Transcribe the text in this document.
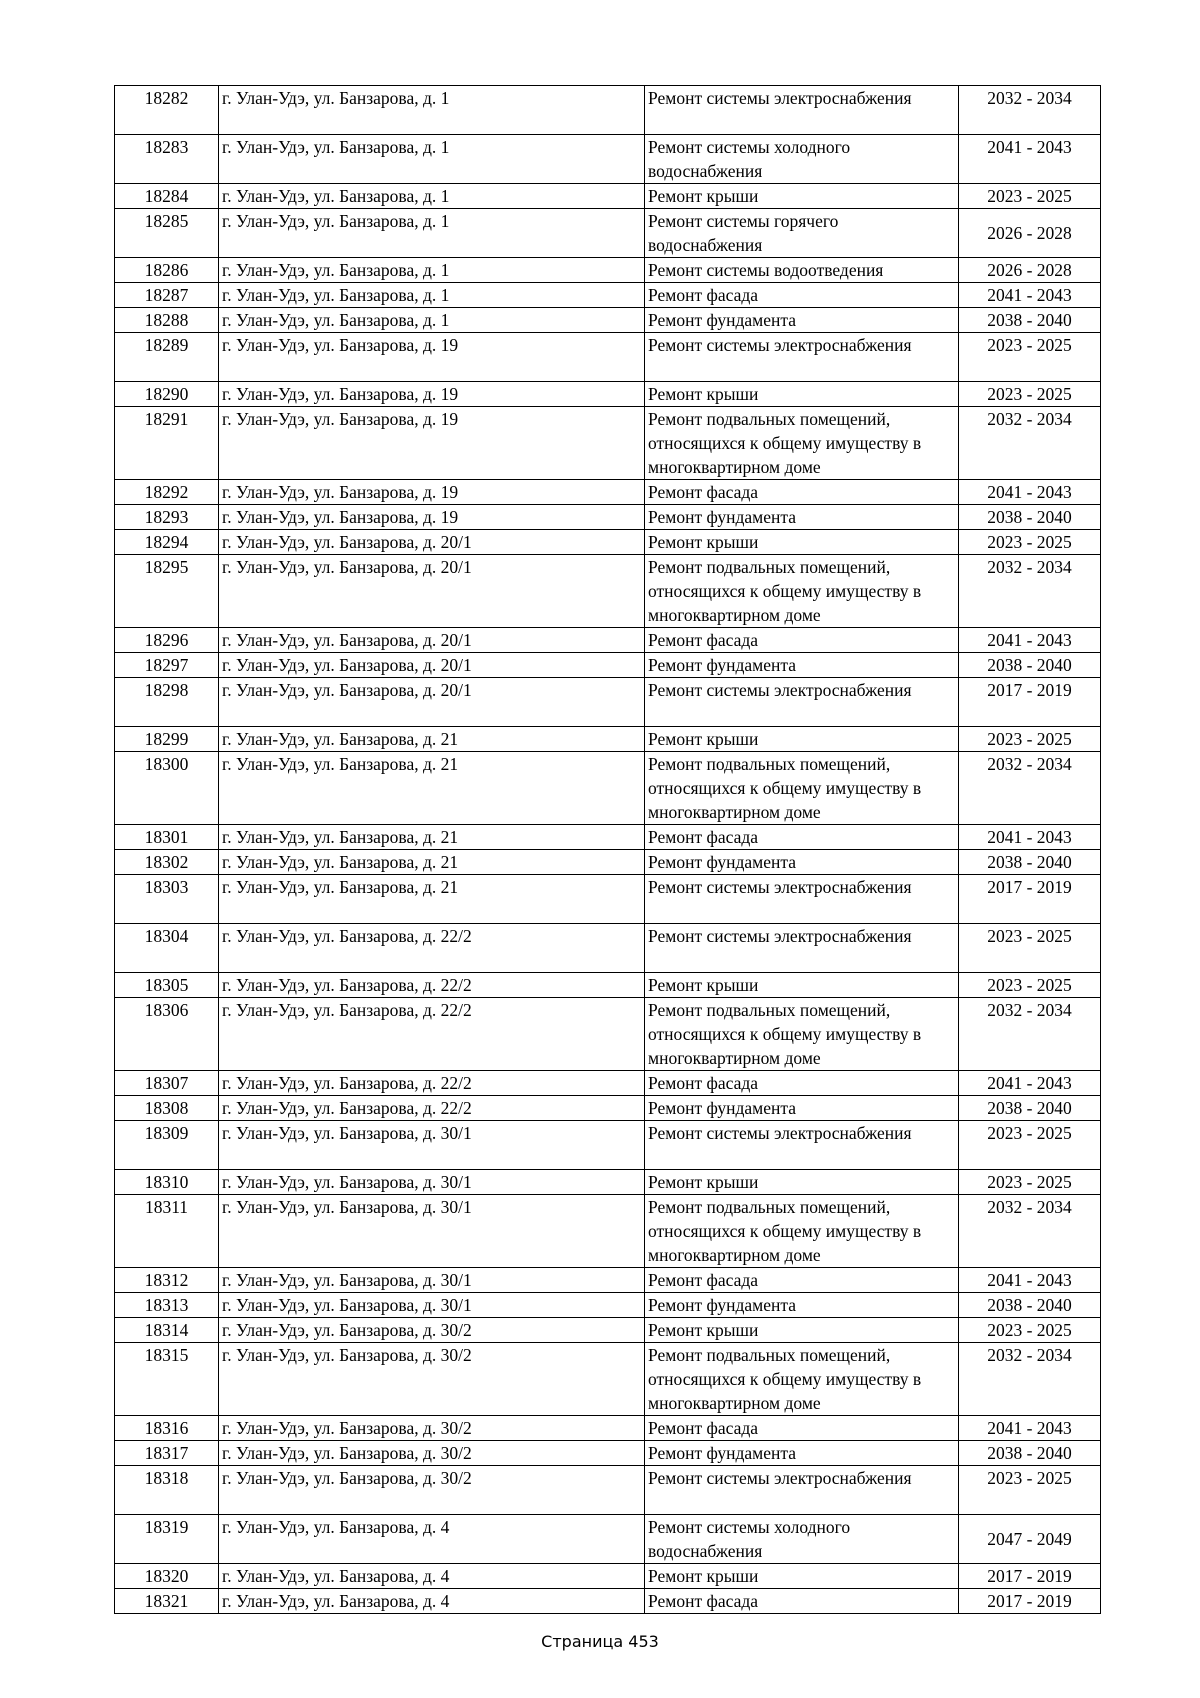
18282	г. Улан-Удэ, ул. Банзарова, д. 1	Ремонт системы электроснабжения	2032 - 2034
18283	г. Улан-Удэ, ул. Банзарова, д. 1	Ремонт системы холодного водоснабжения	2041 - 2043
18284	г. Улан-Удэ, ул. Банзарова, д. 1	Ремонт крыши	2023 - 2025
18285	г. Улан-Удэ, ул. Банзарова, д. 1	Ремонт системы горячего водоснабжения	2026 - 2028
18286	г. Улан-Удэ, ул. Банзарова, д. 1	Ремонт системы водоотведения	2026 - 2028
18287	г. Улан-Удэ, ул. Банзарова, д. 1	Ремонт фасада	2041 - 2043
18288	г. Улан-Удэ, ул. Банзарова, д. 1	Ремонт фундамента	2038 - 2040
18289	г. Улан-Удэ, ул. Банзарова, д. 19	Ремонт системы электроснабжения	2023 - 2025
18290	г. Улан-Удэ, ул. Банзарова, д. 19	Ремонт крыши	2023 - 2025
18291	г. Улан-Удэ, ул. Банзарова, д. 19	Ремонт подвальных помещений, относящихся к общему имуществу в многоквартирном доме	2032 - 2034
18292	г. Улан-Удэ, ул. Банзарова, д. 19	Ремонт фасада	2041 - 2043
18293	г. Улан-Удэ, ул. Банзарова, д. 19	Ремонт фундамента	2038 - 2040
18294	г. Улан-Удэ, ул. Банзарова, д. 20/1	Ремонт крыши	2023 - 2025
18295	г. Улан-Удэ, ул. Банзарова, д. 20/1	Ремонт подвальных помещений, относящихся к общему имуществу в многоквартирном доме	2032 - 2034
18296	г. Улан-Удэ, ул. Банзарова, д. 20/1	Ремонт фасада	2041 - 2043
18297	г. Улан-Удэ, ул. Банзарова, д. 20/1	Ремонт фундамента	2038 - 2040
18298	г. Улан-Удэ, ул. Банзарова, д. 20/1	Ремонт системы электроснабжения	2017 - 2019
18299	г. Улан-Удэ, ул. Банзарова, д. 21	Ремонт крыши	2023 - 2025
18300	г. Улан-Удэ, ул. Банзарова, д. 21	Ремонт подвальных помещений, относящихся к общему имуществу в многоквартирном доме	2032 - 2034
18301	г. Улан-Удэ, ул. Банзарова, д. 21	Ремонт фасада	2041 - 2043
18302	г. Улан-Удэ, ул. Банзарова, д. 21	Ремонт фундамента	2038 - 2040
18303	г. Улан-Удэ, ул. Банзарова, д. 21	Ремонт системы электроснабжения	2017 - 2019
18304	г. Улан-Удэ, ул. Банзарова, д. 22/2	Ремонт системы электроснабжения	2023 - 2025
18305	г. Улан-Удэ, ул. Банзарова, д. 22/2	Ремонт крыши	2023 - 2025
18306	г. Улан-Удэ, ул. Банзарова, д. 22/2	Ремонт подвальных помещений, относящихся к общему имуществу в многоквартирном доме	2032 - 2034
18307	г. Улан-Удэ, ул. Банзарова, д. 22/2	Ремонт фасада	2041 - 2043
18308	г. Улан-Удэ, ул. Банзарова, д. 22/2	Ремонт фундамента	2038 - 2040
18309	г. Улан-Удэ, ул. Банзарова, д. 30/1	Ремонт системы электроснабжения	2023 - 2025
18310	г. Улан-Удэ, ул. Банзарова, д. 30/1	Ремонт крыши	2023 - 2025
18311	г. Улан-Удэ, ул. Банзарова, д. 30/1	Ремонт подвальных помещений, относящихся к общему имуществу в многоквартирном доме	2032 - 2034
18312	г. Улан-Удэ, ул. Банзарова, д. 30/1	Ремонт фасада	2041 - 2043
18313	г. Улан-Удэ, ул. Банзарова, д. 30/1	Ремонт фундамента	2038 - 2040
18314	г. Улан-Удэ, ул. Банзарова, д. 30/2	Ремонт крыши	2023 - 2025
18315	г. Улан-Удэ, ул. Банзарова, д. 30/2	Ремонт подвальных помещений, относящихся к общему имуществу в многоквартирном доме	2032 - 2034
18316	г. Улан-Удэ, ул. Банзарова, д. 30/2	Ремонт фасада	2041 - 2043
18317	г. Улан-Удэ, ул. Банзарова, д. 30/2	Ремонт фундамента	2038 - 2040
18318	г. Улан-Удэ, ул. Банзарова, д. 30/2	Ремонт системы электроснабжения	2023 - 2025
18319	г. Улан-Удэ, ул. Банзарова, д. 4	Ремонт системы холодного водоснабжения	2047 - 2049
18320	г. Улан-Удэ, ул. Банзарова, д. 4	Ремонт крыши	2017 - 2019
18321	г. Улан-Удэ, ул. Банзарова, д. 4	Ремонт фасада	2017 - 2019
Страница 453
